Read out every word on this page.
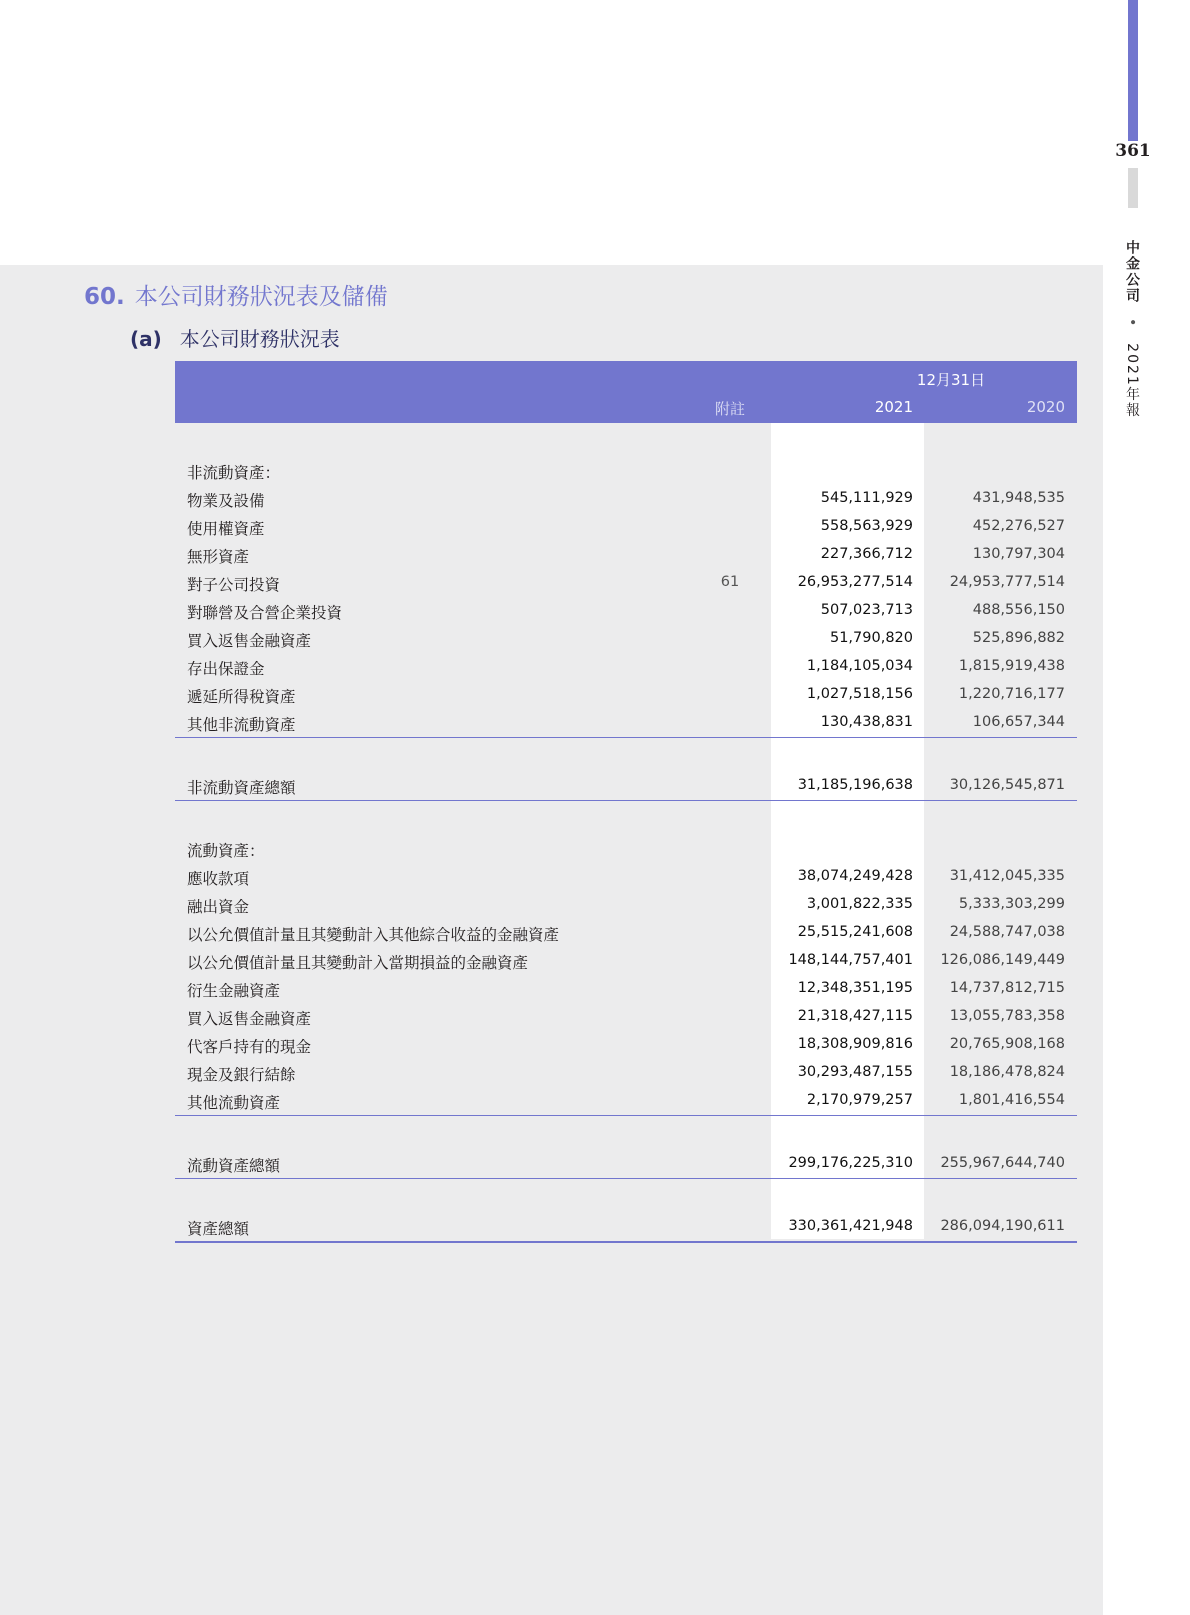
361
中金公司 • 2021年報
60. 本公司財務狀況表及儲備
(a) 本公司財務狀況表
12月31日
附註	2021	2020
非流動資產：
物業及設備	545,111,929	431,948,535
使用權資產	558,563,929	452,276,527
無形資產	227,366,712	130,797,304
對子公司投資	61	26,953,277,514	24,953,777,514
對聯營及合營企業投資	507,023,713	488,556,150
買入返售金融資產	51,790,820	525,896,882
存出保證金	1,184,105,034	1,815,919,438
遞延所得稅資產	1,027,518,156	1,220,716,177
其他非流動資產	130,438,831	106,657,344
非流動資產總額	31,185,196,638	30,126,545,871
流動資產：
應收款項	38,074,249,428	31,412,045,335
融出資金	3,001,822,335	5,333,303,299
以公允價值計量且其變動計入其他綜合收益的金融資產	25,515,241,608	24,588,747,038
以公允價值計量且其變動計入當期損益的金融資產	148,144,757,401	126,086,149,449
衍生金融資產	12,348,351,195	14,737,812,715
買入返售金融資產	21,318,427,115	13,055,783,358
代客戶持有的現金	18,308,909,816	20,765,908,168
現金及銀行結餘	30,293,487,155	18,186,478,824
其他流動資產	2,170,979,257	1,801,416,554
流動資產總額	299,176,225,310	255,967,644,740
資產總額	330,361,421,948	286,094,190,611
